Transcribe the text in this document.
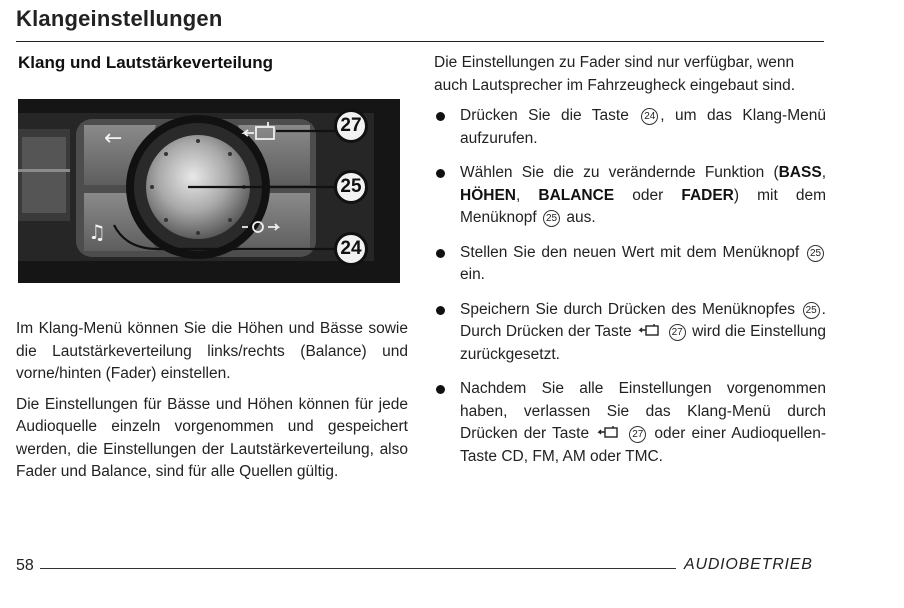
Klangeinstellungen
Klang und Lautstärkeverteilung
←
♫
27
25
24

Im Klang-Menü können Sie die Höhen und Bässe sowie die Lautstärkeverteilung links/rechts (Balance) und vorne/hinten (Fader) einstellen.

Die Einstellungen für Bässe und Höhen können für jede Audioquelle einzeln vorgenommen und gespeichert werden, die Einstellungen der Lautstärkeverteilung, also Fader und Balance, sind für alle Quellen gültig.

Die Einstellungen zu Fader sind nur verfügbar, wenn auch Lautsprecher im Fahrzeugheck eingebaut sind.

Drücken Sie die Taste 24 , um das Klang-Menü aufzurufen.
Wählen Sie die zu verändernde Funktion (BASS, HÖHEN, BALANCE oder FADER) mit dem Menüknopf 25 aus.
Stellen Sie den neuen Wert mit dem Menüknopf 25 ein.
Speichern Sie durch Drücken des Menüknopfes 25 . Durch Drücken der Taste	27 wird die Einstellung zurückgesetzt.
Nachdem Sie alle Einstellungen vorgenommen haben, verlassen Sie das Klang-Menü durch Drücken der Taste	27 oder einer Audioquellen-Taste CD, FM, AM oder TMC.
58	AUDIOBETRIEB
